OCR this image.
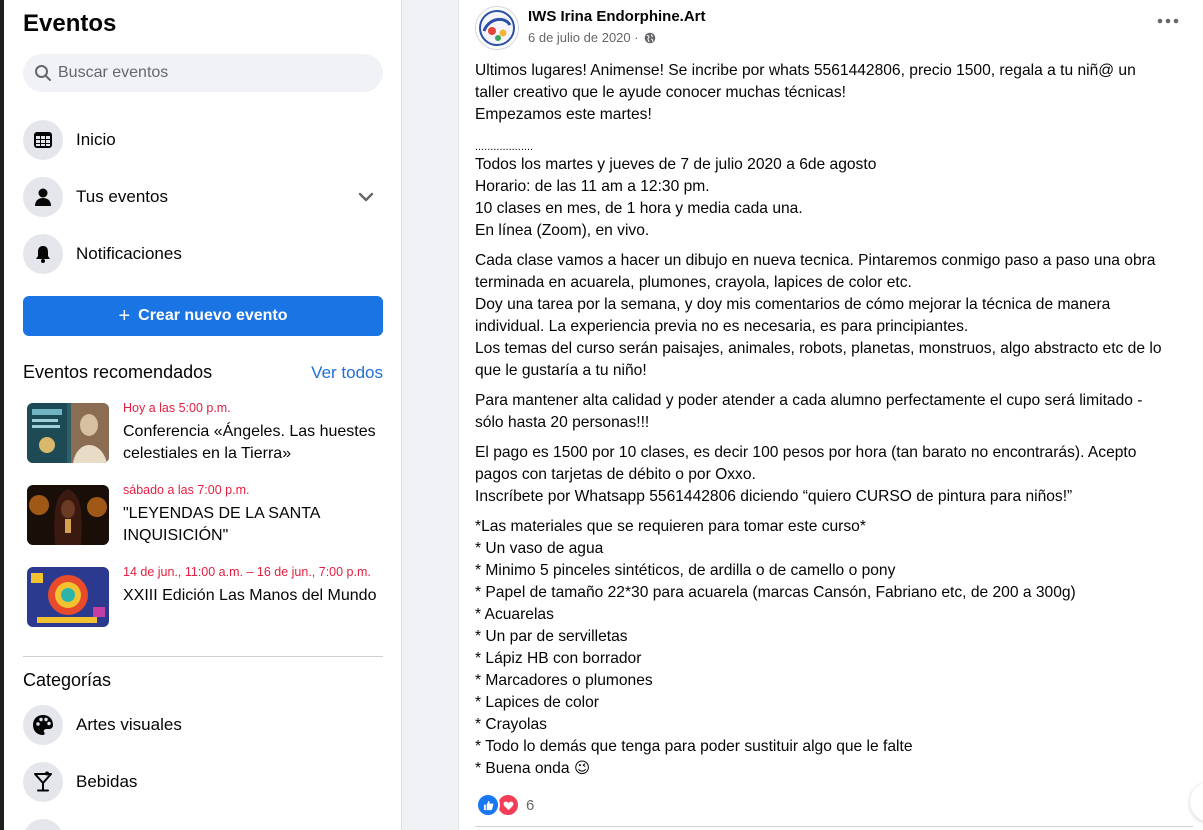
Eventos
Buscar eventos
Inicio
Tus eventos
Notificaciones
+ Crear nuevo evento
Eventos recomendados	Ver todos
Hoy a las 5:00 p.m.
Conferencia «Ángeles. Las huestes celestiales en la Tierra»
sábado a las 7:00 p.m.
"LEYENDAS DE LA SANTA INQUISICIÓN"
14 de jun., 11:00 a.m. – 16 de jun., 7:00 p.m.
XXIII Edición Las Manos del Mundo
Categorías
Artes visuales
Bebidas
IWS Irina Endorphine.Art
6 de julio de 2020 ·

Ultimos lugares! Animense! Se incribe por whats 5561442806, precio 1500, regala a tu niñ@ un
taller creativo que le ayude conocer muchas técnicas!
Empezamos este martes!

...................
Todos los martes y jueves de 7 de julio 2020 a 6de agosto
Horario: de las 11 am a 12:30 pm.
10 clases en mes, de 1 hora y media cada una.
En línea (Zoom), en vivo.

Cada clase vamos a hacer un dibujo en nueva tecnica. Pintaremos conmigo paso a paso una obra
terminada en acuarela, plumones, crayola, lapices de color etc.
Doy una tarea por la semana, y doy mis comentarios de cómo mejorar la técnica de manera
individual. La experiencia previa no es necesaria, es para principiantes.
Los temas del curso serán paisajes, animales, robots, planetas, monstruos, algo abstracto etc de lo
que le gustaría a tu niño!

Para mantener alta calidad y poder atender a cada alumno perfectamente el cupo será limitado -
sólo hasta 20 personas!!!

El pago es 1500 por 10 clases, es decir 100 pesos por hora (tan barato no encontrarás). Acepto
pagos con tarjetas de débito o por Oxxo.
Inscríbete por Whatsapp 5561442806 diciendo “quiero CURSO de pintura para niños!”

*Las materiales que se requieren para tomar este curso*
* Un vaso de agua
* Minimo 5 pinceles sintéticos, de ardilla o de camello o pony
* Papel de tamaño 22*30 para acuarela (marcas Cansón, Fabriano etc, de 200 a 300g)
* Acuarelas
* Un par de servilletas
* Lápiz HB con borrador
* Marcadores o plumones
* Lapices de color
* Crayolas
* Todo lo demás que tenga para poder sustituir algo que le falte
* Buena onda 😉

6
